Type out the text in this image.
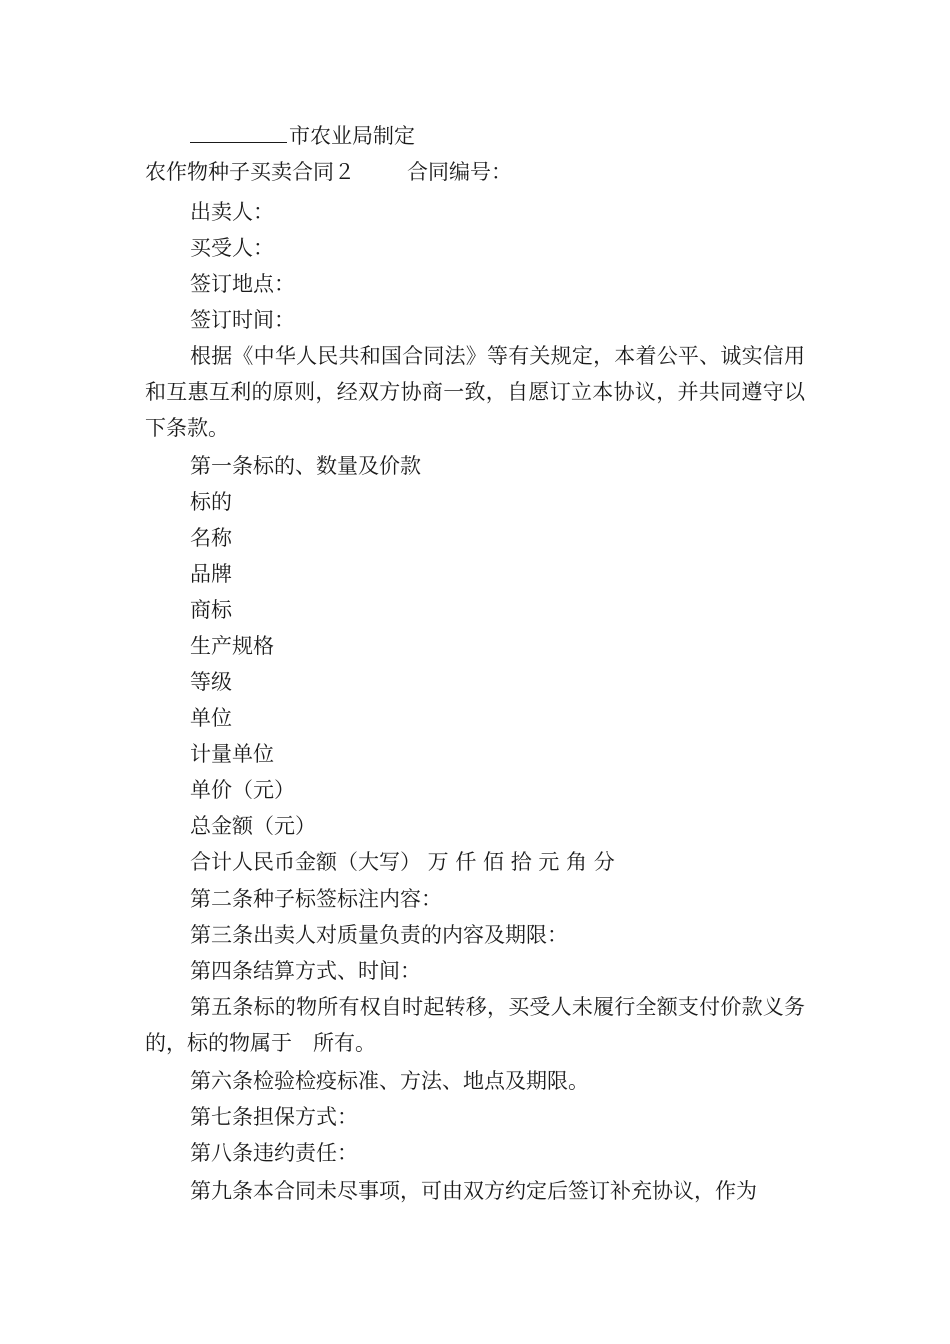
市农业局制定
农作物种子买卖合同２ 合同编号：
出卖人：
买受人：
签订地点：
签订时间：
根据《中华人民共和国合同法》等有关规定，本着公平、诚实信用和互惠互利的原则，经双方协商一致，自愿订立本协议，并共同遵守以下条款。
第一条标的、数量及价款
标的
名称
品牌
商标
生产规格
等级
单位
计量单位
单价（元）
总金额（元）
合计人民币金额（大写） 万 仟 佰 拾 元 角 分
第二条种子标签标注内容：
第三条出卖人对质量负责的内容及期限：
第四条结算方式、时间：
第五条标的物所有权自时起转移，买受人未履行全额支付价款义务的，标的物属于　所有。
第六条检验检疫标准、方法、地点及期限。
第七条担保方式：
第八条违约责任：
第九条本合同未尽事项，可由双方约定后签订补充协议，作为
